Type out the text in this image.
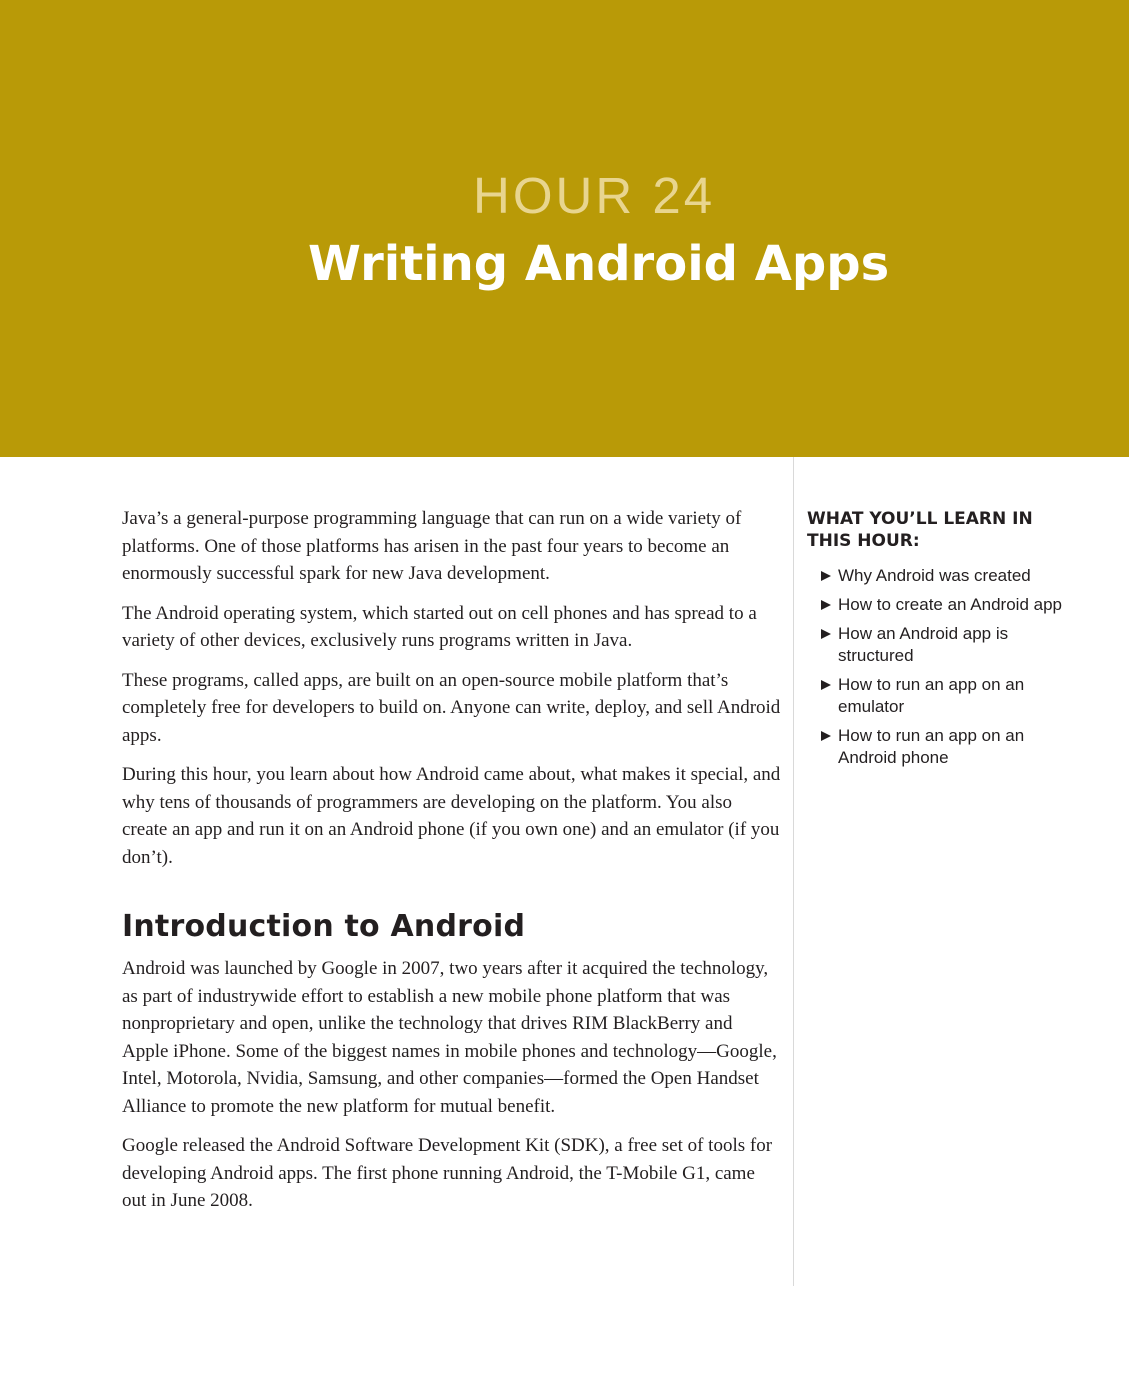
HOUR 24
Writing Android Apps

Java’s a general-purpose programming language that can run on a wide variety of platforms. One of those platforms has arisen in the past four years to become an enormously successful spark for new Java development.

The Android operating system, which started out on cell phones and has spread to a variety of other devices, exclusively runs programs written in Java.

These programs, called apps, are built on an open-source mobile platform that’s completely free for developers to build on. Anyone can write, deploy, and sell Android apps.

During this hour, you learn about how Android came about, what makes it special, and why tens of thousands of programmers are developing on the platform. You also create an app and run it on an Android phone (if you own one) and an emulator (if you don’t).

Introduction to Android

Android was launched by Google in 2007, two years after it acquired the technology, as part of industrywide effort to establish a new mobile phone platform that was nonproprietary and open, unlike the technology that drives RIM BlackBerry and Apple iPhone. Some of the biggest names in mobile phones and technology—Google, Intel, Motorola, Nvidia, Samsung, and other companies—formed the Open Handset Alliance to promote the new platform for mutual benefit.

Google released the Android Software Development Kit (SDK), a free set of tools for developing Android apps. The first phone running Android, the T-Mobile G1, came out in June 2008.

WHAT YOU’LL LEARN IN THIS HOUR:
Why Android was created
How to create an Android app
How an Android app is structured
How to run an app on an emulator
How to run an app on an Android phone
